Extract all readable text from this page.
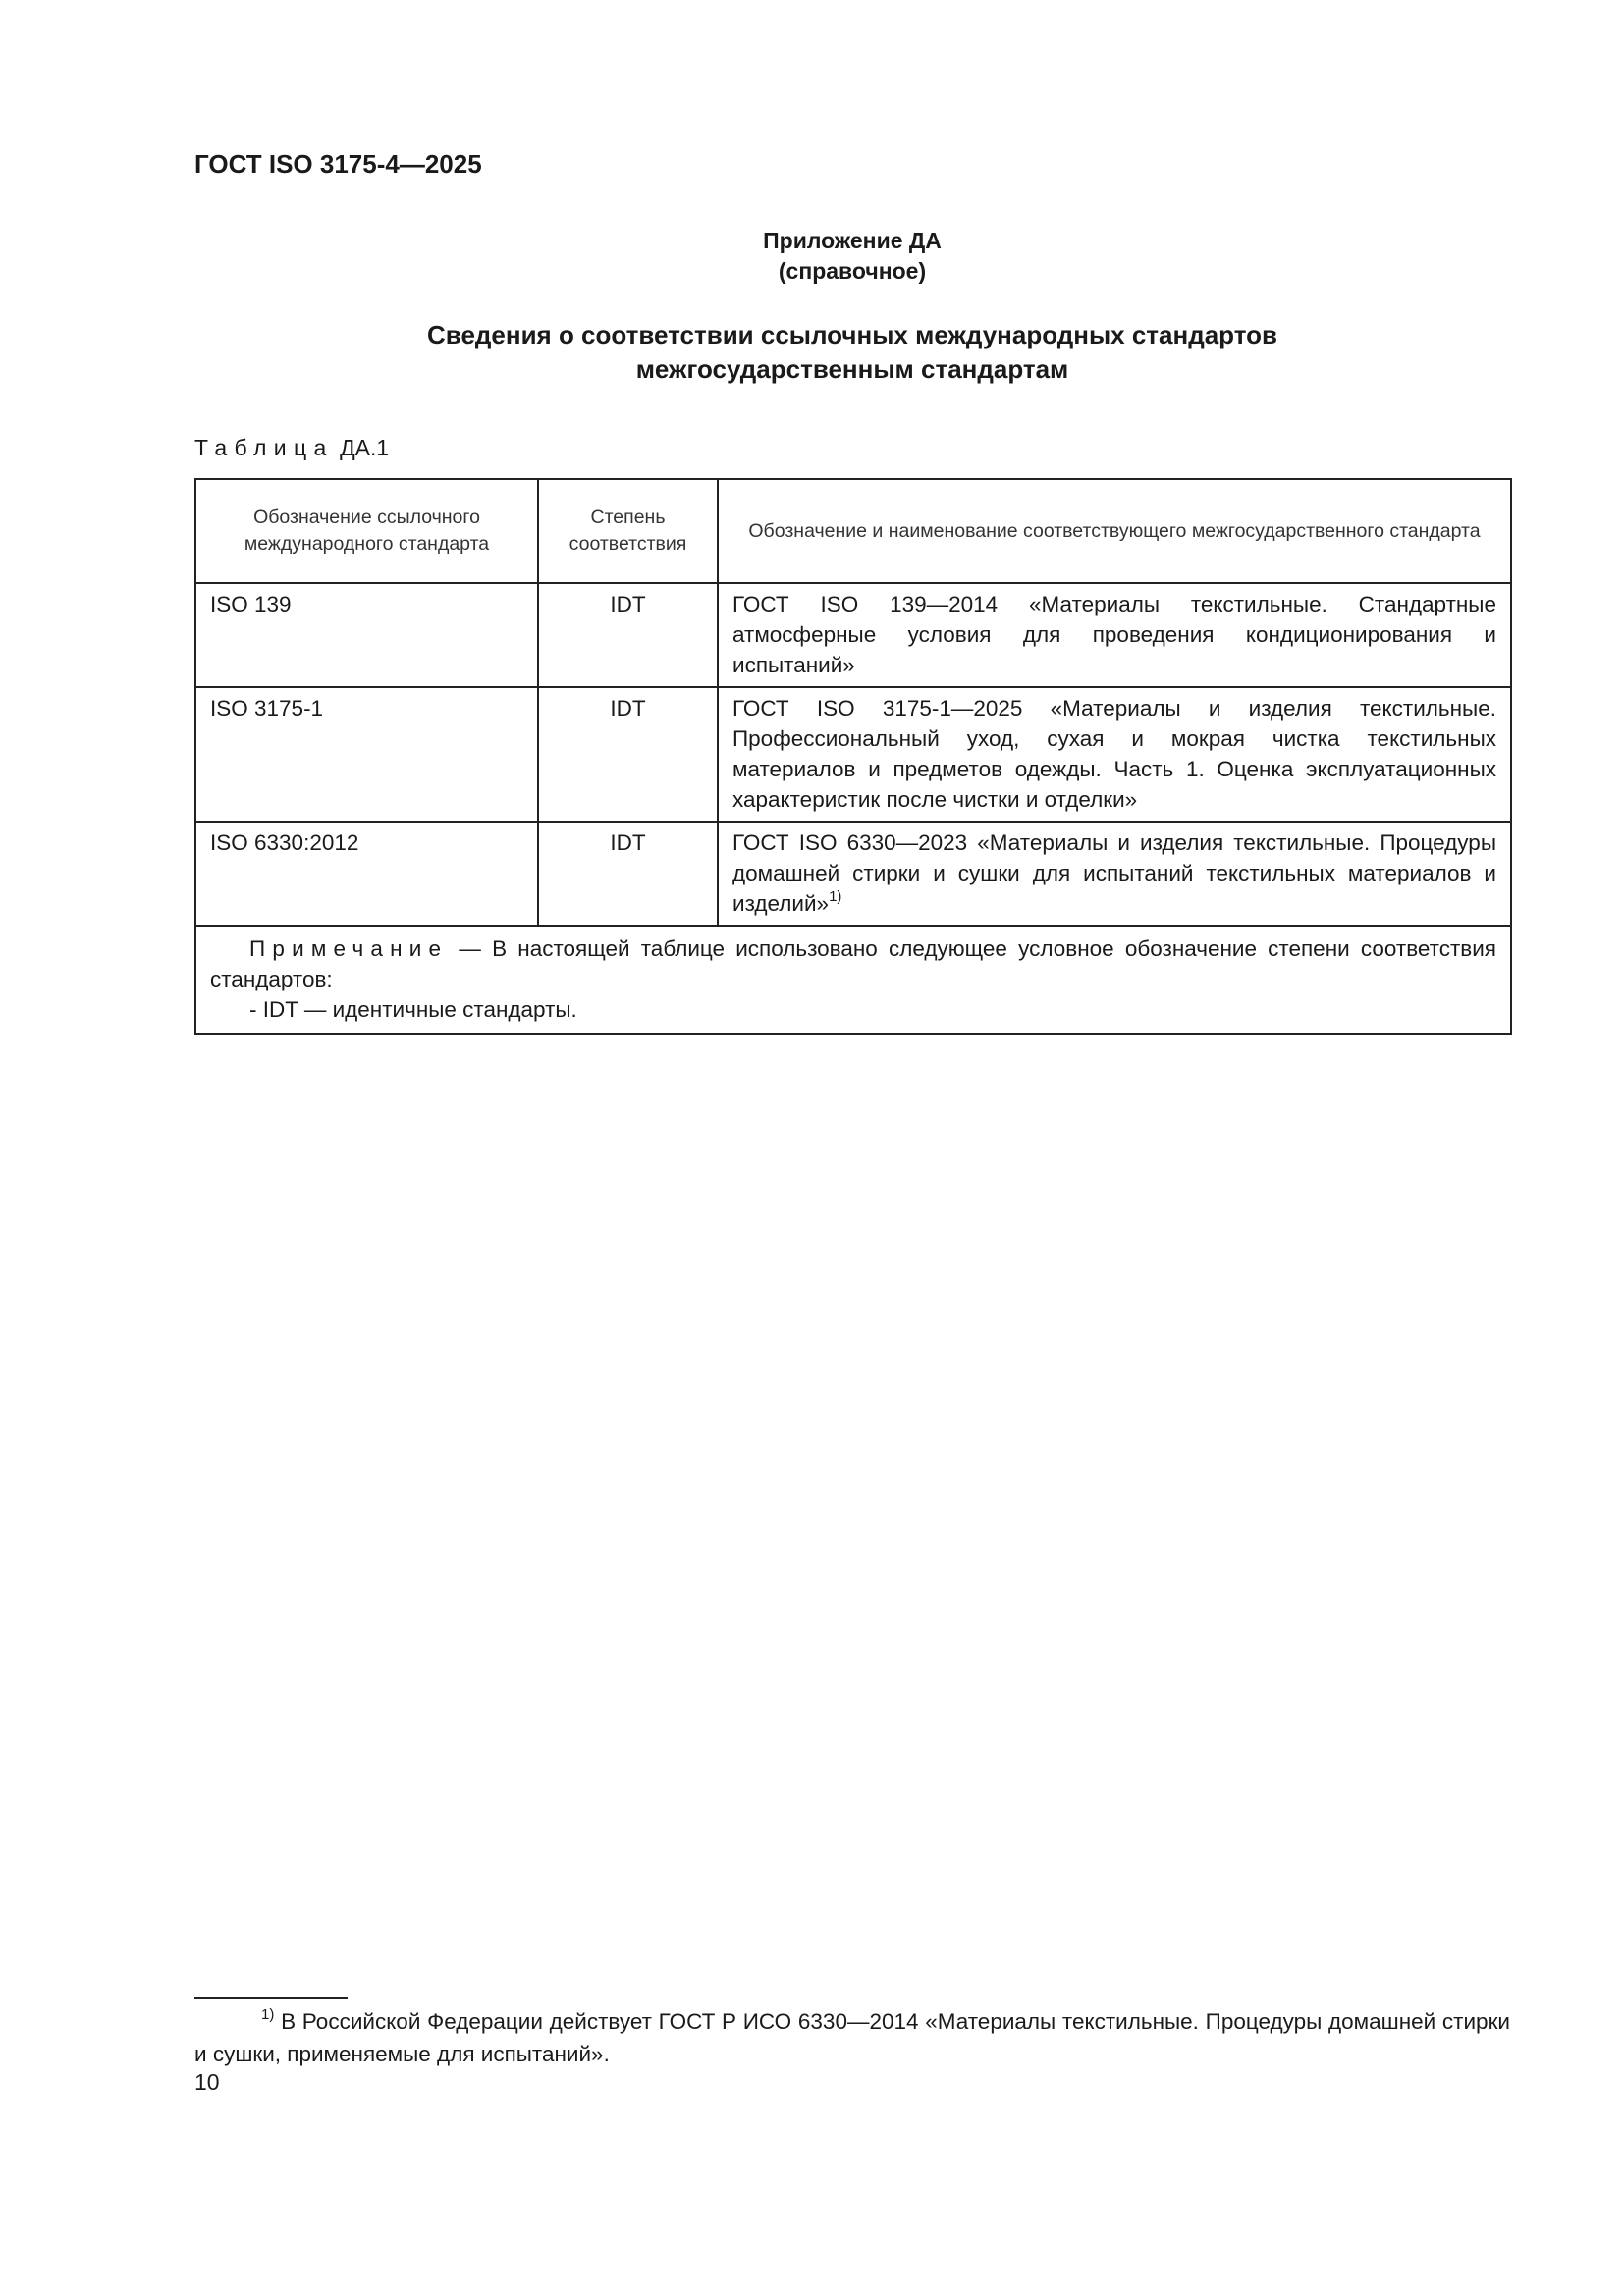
ГОСТ ISO 3175-4—2025
Приложение ДА
(справочное)
Сведения о соответствии ссылочных международных стандартов
межгосударственным стандартам
Таблица ДА.1
Обозначение ссылочного международного стандарта	Степень соответствия	Обозначение и наименование соответствующего межгосударственного стандарта
ISO 139	IDT	ГОСТ ISO 139—2014 «Материалы текстильные. Стандартные атмосферные условия для проведения кондиционирования и испытаний»
ISO 3175-1	IDT	ГОСТ ISO 3175-1—2025 «Материалы и изделия текстильные. Профессиональный уход, сухая и мокрая чистка текстильных материалов и предметов одежды. Часть 1. Оценка эксплуатационных характеристик после чистки и отделки»
ISO 6330:2012	IDT	ГОСТ ISO 6330—2023 «Материалы и изделия текстильные. Процедуры домашней стирки и сушки для испытаний текстильных материалов и изделий»$^{1)}$

Примечание — В настоящей таблице использовано следующее условное обозначение степени соответствия стандартов:
- IDT — идентичные стандарты.		
$^{1)}$ В Российской Федерации действует ГОСТ Р ИСО 6330—2014 «Материалы текстильные. Процедуры домашней стирки и сушки, применяемые для испытаний».
10
